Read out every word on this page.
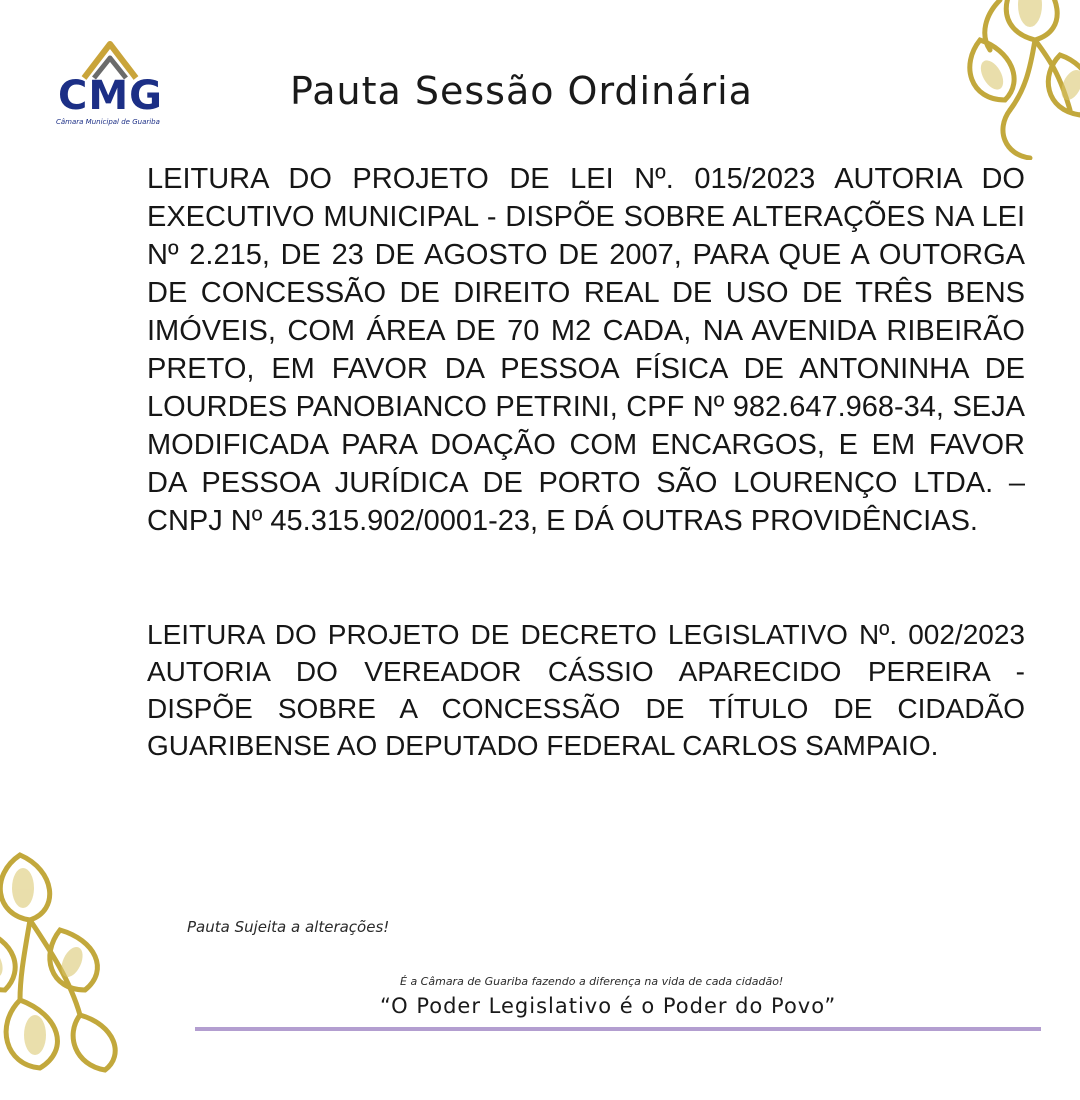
CMG
Câmara Municipal de Guariba
Pauta Sessão Ordinária
LEITURA DO PROJETO DE LEI Nº. 015/2023 AUTORIA DO EXECUTIVO MUNICIPAL - DISPÕE SOBRE ALTERAÇÕES NA LEI Nº 2.215, DE 23 DE AGOSTO DE 2007, PARA QUE A OUTORGA DE CONCESSÃO DE DIREITO REAL DE USO DE TRÊS BENS IMÓVEIS, COM ÁREA DE 70 M2 CADA, NA AVENIDA RIBEIRÃO PRETO, EM FAVOR DA PESSOA FÍSICA DE ANTONINHA DE LOURDES PANOBIANCO PETRINI, CPF Nº 982.647.968-34, SEJA MODIFICADA PARA DOAÇÃO COM ENCARGOS, E EM FAVOR DA PESSOA JURÍDICA DE PORTO SÃO LOURENÇO LTDA. – CNPJ Nº 45.315.902/0001-23, E DÁ OUTRAS PROVIDÊNCIAS.
LEITURA DO PROJETO DE DECRETO LEGISLATIVO Nº. 002/2023 AUTORIA DO VEREADOR CÁSSIO APARECIDO PEREIRA - DISPÕE SOBRE A CONCESSÃO DE TÍTULO DE CIDADÃO GUARIBENSE AO DEPUTADO FEDERAL CARLOS SAMPAIO.
Pauta Sujeita a alterações!
É a Câmara de Guariba fazendo a diferença na vida de cada cidadão!
“O Poder Legislativo é o Poder do Povo”
